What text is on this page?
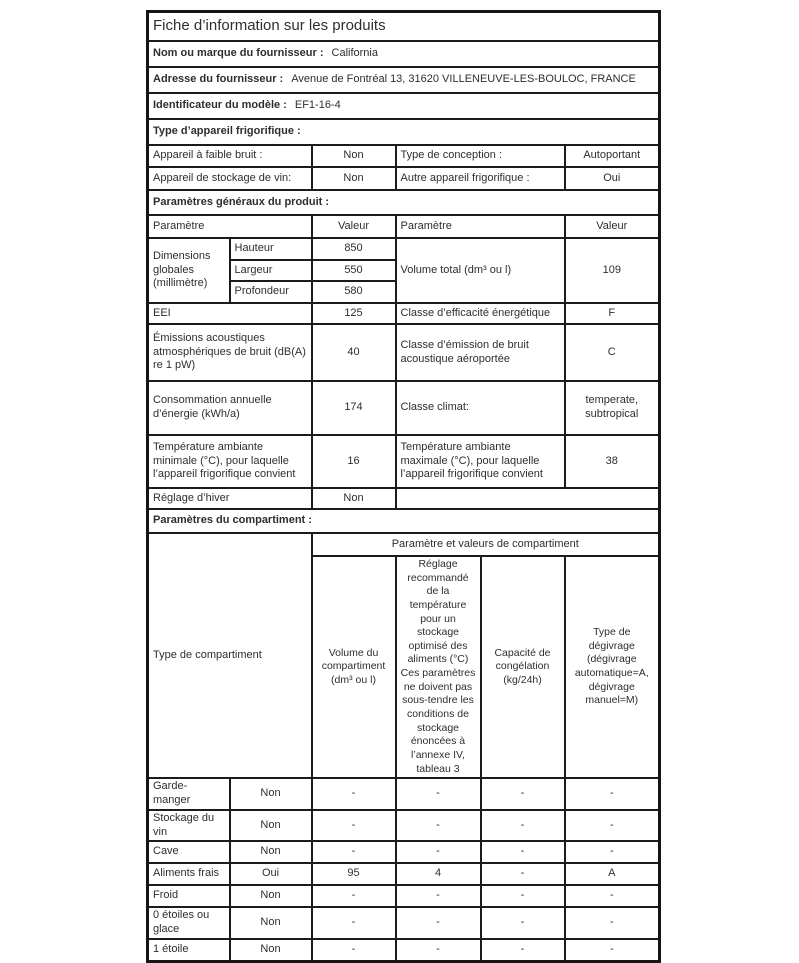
Fiche d’information sur les produits					
Nom ou marque du fournisseur : California					
Adresse du fournisseur : Avenue de Fontréal 13, 31620 VILLENEUVE-LES-BOULOC, FRANCE					
Identificateur du modèle : EF1-16-4					
Type d’appareil frigorifique :					
Appareil à faible bruit :		Non	Type de conception :		Autoportant
Appareil de stockage de vin:		Non	Autre appareil frigorifique :		Oui
Paramètres généraux du produit :					
Paramètre		Valeur	Paramètre		Valeur
Dimensions globales (millimètre)	Hauteur	850	Volume total (dm³ ou l)		109
	Largeur	550			
	Profondeur	580			
EEI		125	Classe d’efficacité énergétique		F
Émissions acoustiques atmosphériques de bruit (dB(A) re 1 pW)		40	Classe d’émission de bruit acoustique aéroportée		C
Consommation annuelle d’énergie (kWh/a)		174	Classe climat:		temperate, subtropical
Température ambiante minimale (°C), pour laquelle l’appareil frigorifique convient		16	Température ambiante maximale (°C), pour laquelle l’appareil frigorifique convient		38
Réglage d’hiver		Non			
Paramètres du compartiment :					
Type de compartiment		Paramètre et valeurs de compartiment			
		Volume du compartiment (dm³ ou l)	Réglage recommandé de la température pour un stockage optimisé des aliments (°C) Ces paramètres ne doivent pas sous-tendre les conditions de stockage énoncées à l’annexe IV, tableau 3	Capacité de congélation (kg/24h)	Type de dégivrage (dégivrage automatique=A, dégivrage manuel=M)
Garde-manger	Non	-	-	-	-
Stockage du vin	Non	-	-	-	-
Cave	Non	-	-	-	-
Aliments frais	Oui	95	4	-	A
Froid	Non	-	-	-	-
0 étoiles ou glace	Non	-	-	-	-
1 étoile	Non	-	-	-	-
